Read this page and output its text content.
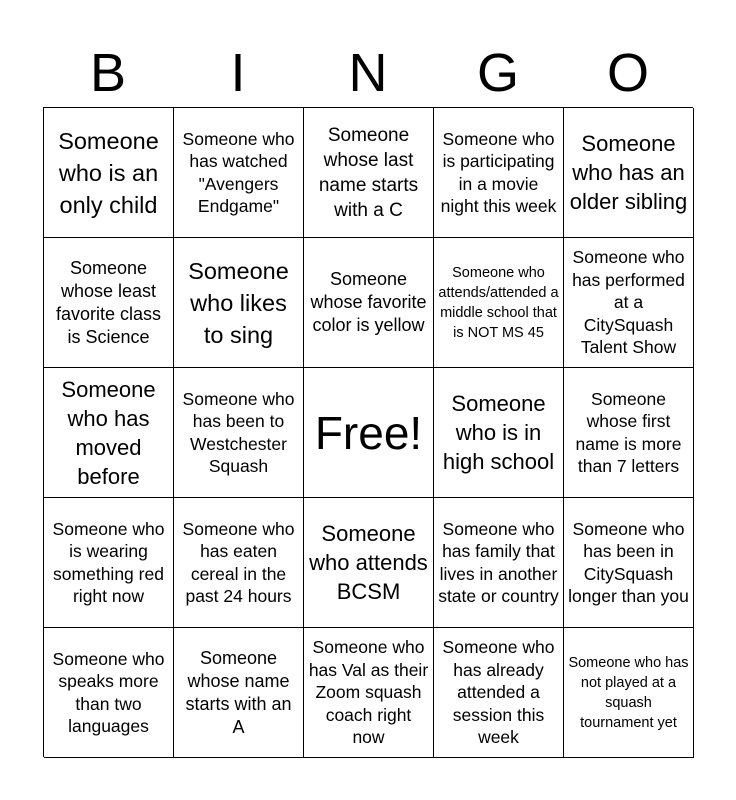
B	I	N	G	O
Someone who is an only child
Someone who has watched "Avengers Endgame"
Someone whose last name starts with a C
Someone who is participating in a movie night this week
Someone who has an older sibling
Someone whose least favorite class is Science
Someone who likes to sing
Someone whose favorite color is yellow
Someone who attends/attended a middle school that is NOT MS 45
Someone who has performed at a CitySquash Talent Show
Someone who has moved before
Someone who has been to Westchester Squash
Free!
Someone who is in high school
Someone whose first name is more than 7 letters
Someone who is wearing something red right now
Someone who has eaten cereal in the past 24 hours
Someone who attends BCSM
Someone who has family that lives in another state or country
Someone who has been in CitySquash longer than you
Someone who speaks more than two languages
Someone whose name starts with an A
Someone who has Val as their Zoom squash coach right now
Someone who has already attended a session this week
Someone who has not played at a squash tournament yet
